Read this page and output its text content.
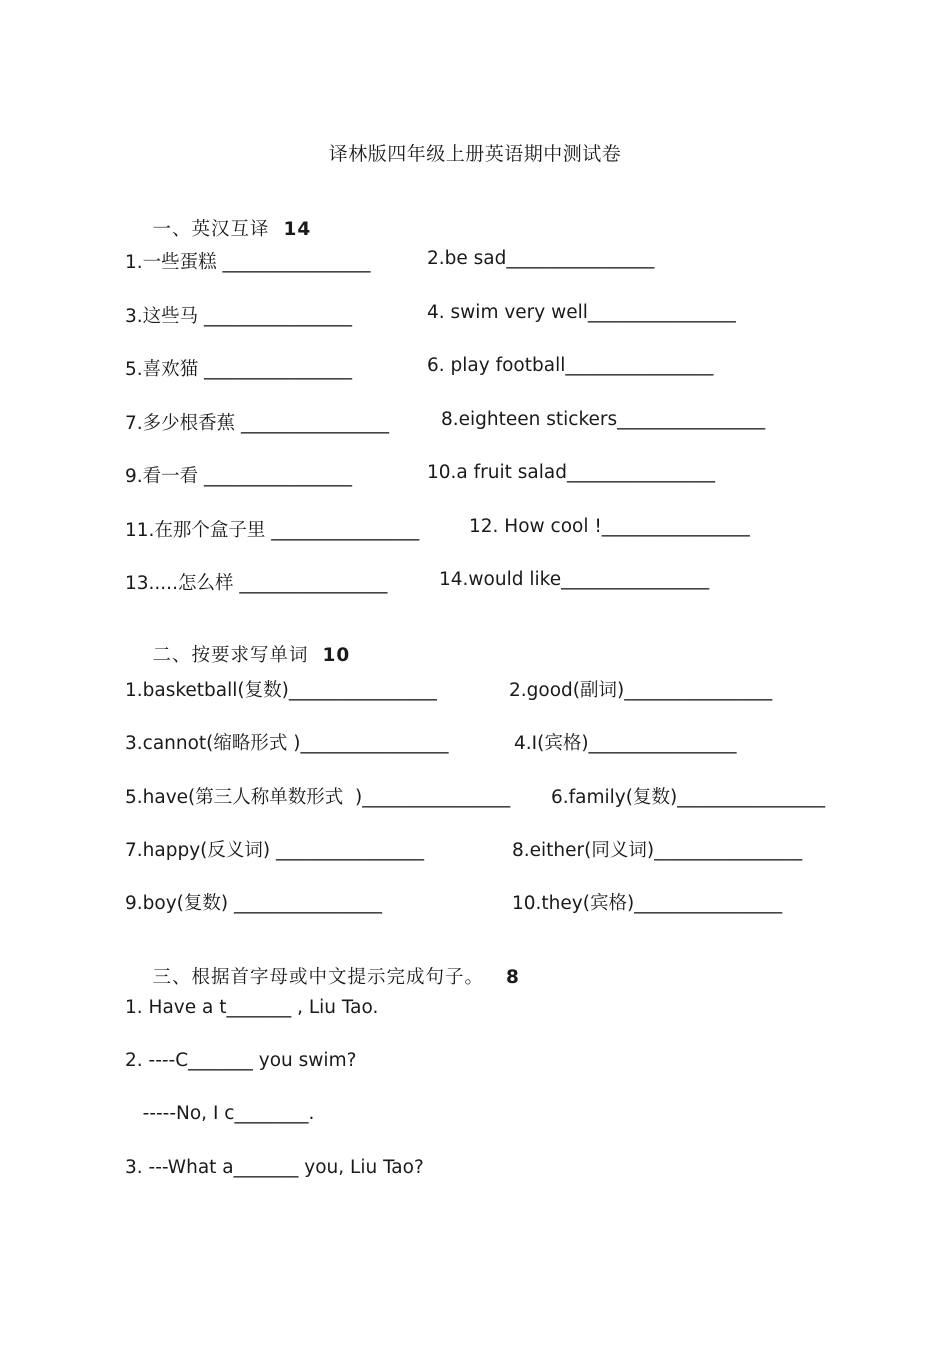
译林版四年级上册英语期中测试卷

一、英汉互译 14

1.一些蛋糕 ________________	2.be sad________________
3.这些马 ________________	4. swim very well________________
5.喜欢猫 ________________	6. play football________________
7.多少根香蕉 ________________	8.eighteen stickers________________
9.看一看 ________________	10.a fruit salad________________
11.在那个盒子里 ________________	12. How cool !________________
13.....怎么样 ________________	14.would like________________

二、按要求写单词 10

1.basketball(复数)________________	2.good(副词)________________
3.cannot(缩略形式 )________________	4.I(宾格)________________
5.have(第三人称单数形式  )________________ 6.family(复数)________________
7.happy(反义词) ________________	8.either(同义词)________________
9.boy(复数) ________________	10.they(宾格)________________

三、根据首字母或中文提示完成句子。 8

1. Have a t_______ , Liu Tao.
2. ----C_______ you swim?
-----No, I c________.
3. ---What a_______ you, Liu Tao?
